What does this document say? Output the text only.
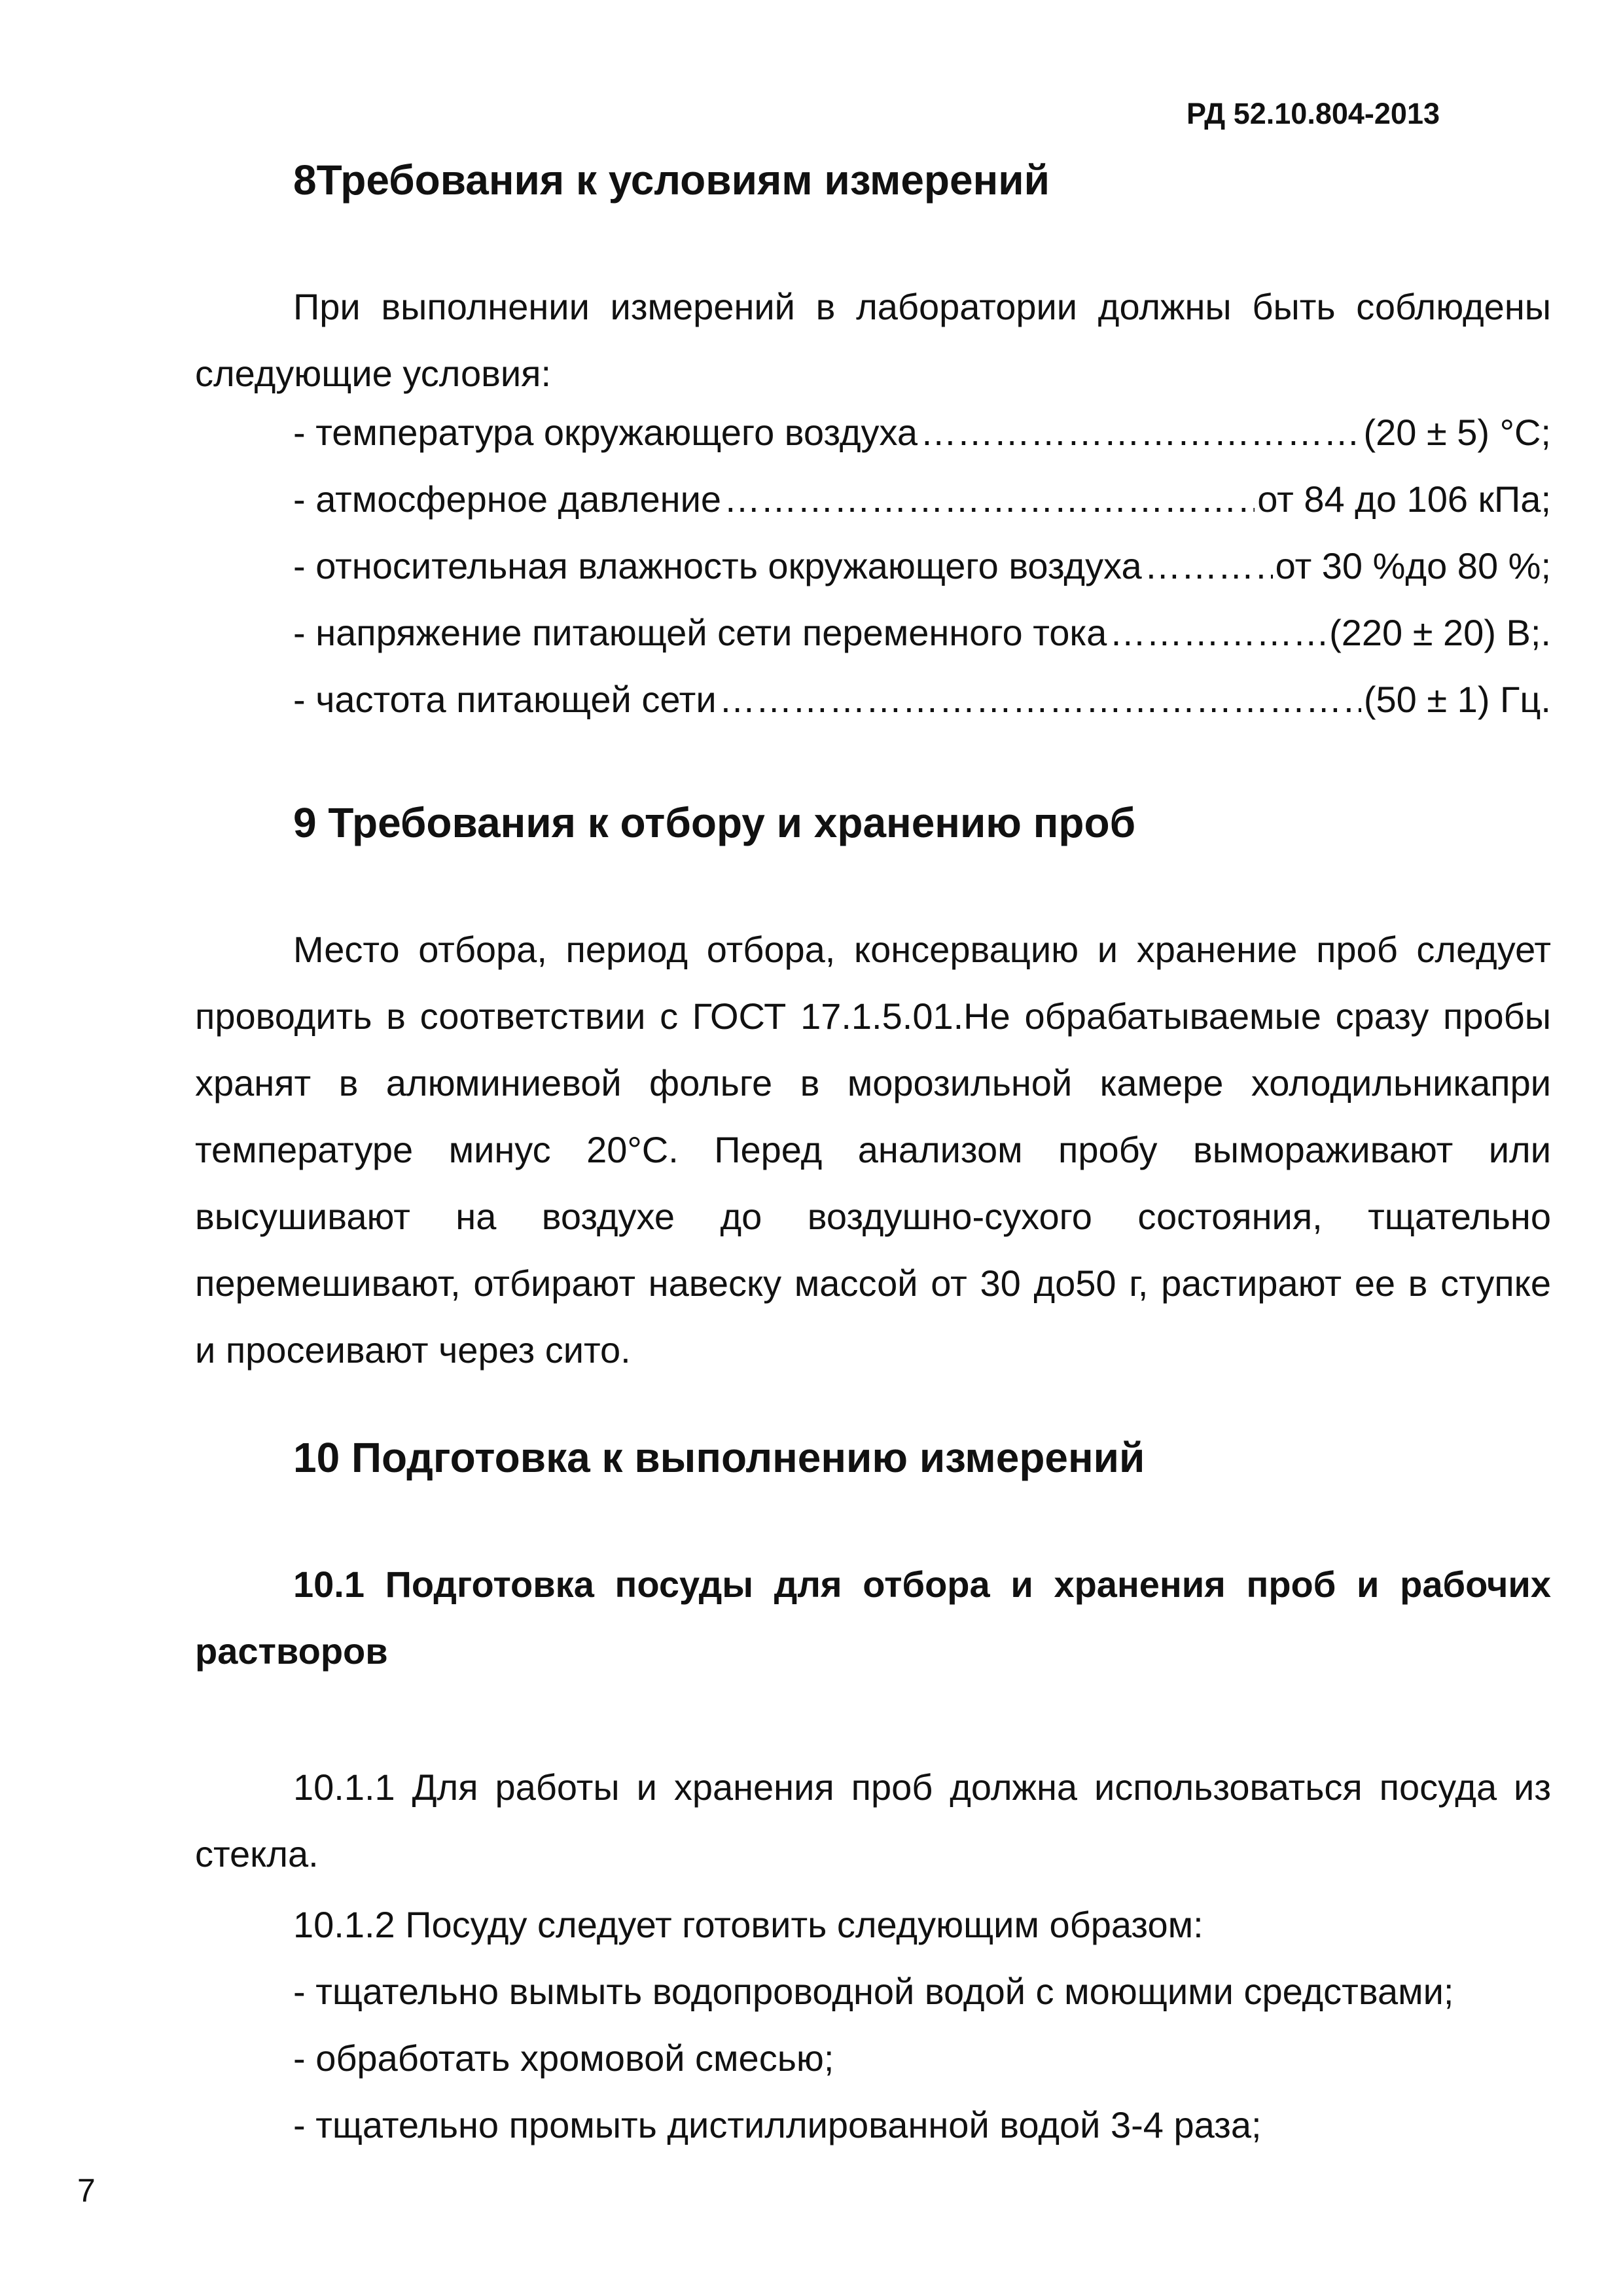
РД 52.10.804-2013
8Требования к условиям измерений

При выполнении измерений в лаборатории должны быть соблюдены следующие условия:

- температура окружающего воздуха ……………………………………………………………………………………………………………	(20 ± 5) °C;
- атмосферное давление ……………………………………………………………………………………………………………	от 84 до 106 кПа;
- относительная влажность окружающего воздуха ……………………………………………………………………………………………………………	от 30 %до 80 %;
- напряжение питающей сети переменного тока ……………………………………………………………………………………………………………	(220 ± 20) В;.
- частота питающей сети ……………………………………………………………………………………………………………	(50 ± 1) Гц.
9 Требования к отбору и хранению проб

Место отбора, период отбора, консервацию и хранение проб следует проводить в соответствии с ГОСТ 17.1.5.01.Не обрабатываемые сразу пробы хранят в алюминиевой фольге в морозильной камере холодильникапри температуре минус 20°С. Перед анализом пробу вымораживают или высушивают на воздухе до воздушно-сухого состояния, тщательно перемешивают, отбирают навеску массой от 30 до50 г, растирают ее в ступке и просеивают через сито.

10 Подготовка к выполнению измерений

10.1 Подготовка посуды для отбора и хранения проб и рабочих растворов

10.1.1 Для работы и хранения проб должна использоваться посуда из стекла.

10.1.2 Посуду следует готовить следующим образом:

- тщательно вымыть водопроводной водой с моющими средствами;

- обработать хромовой смесью;

- тщательно промыть дистиллированной водой 3-4 раза;

7
